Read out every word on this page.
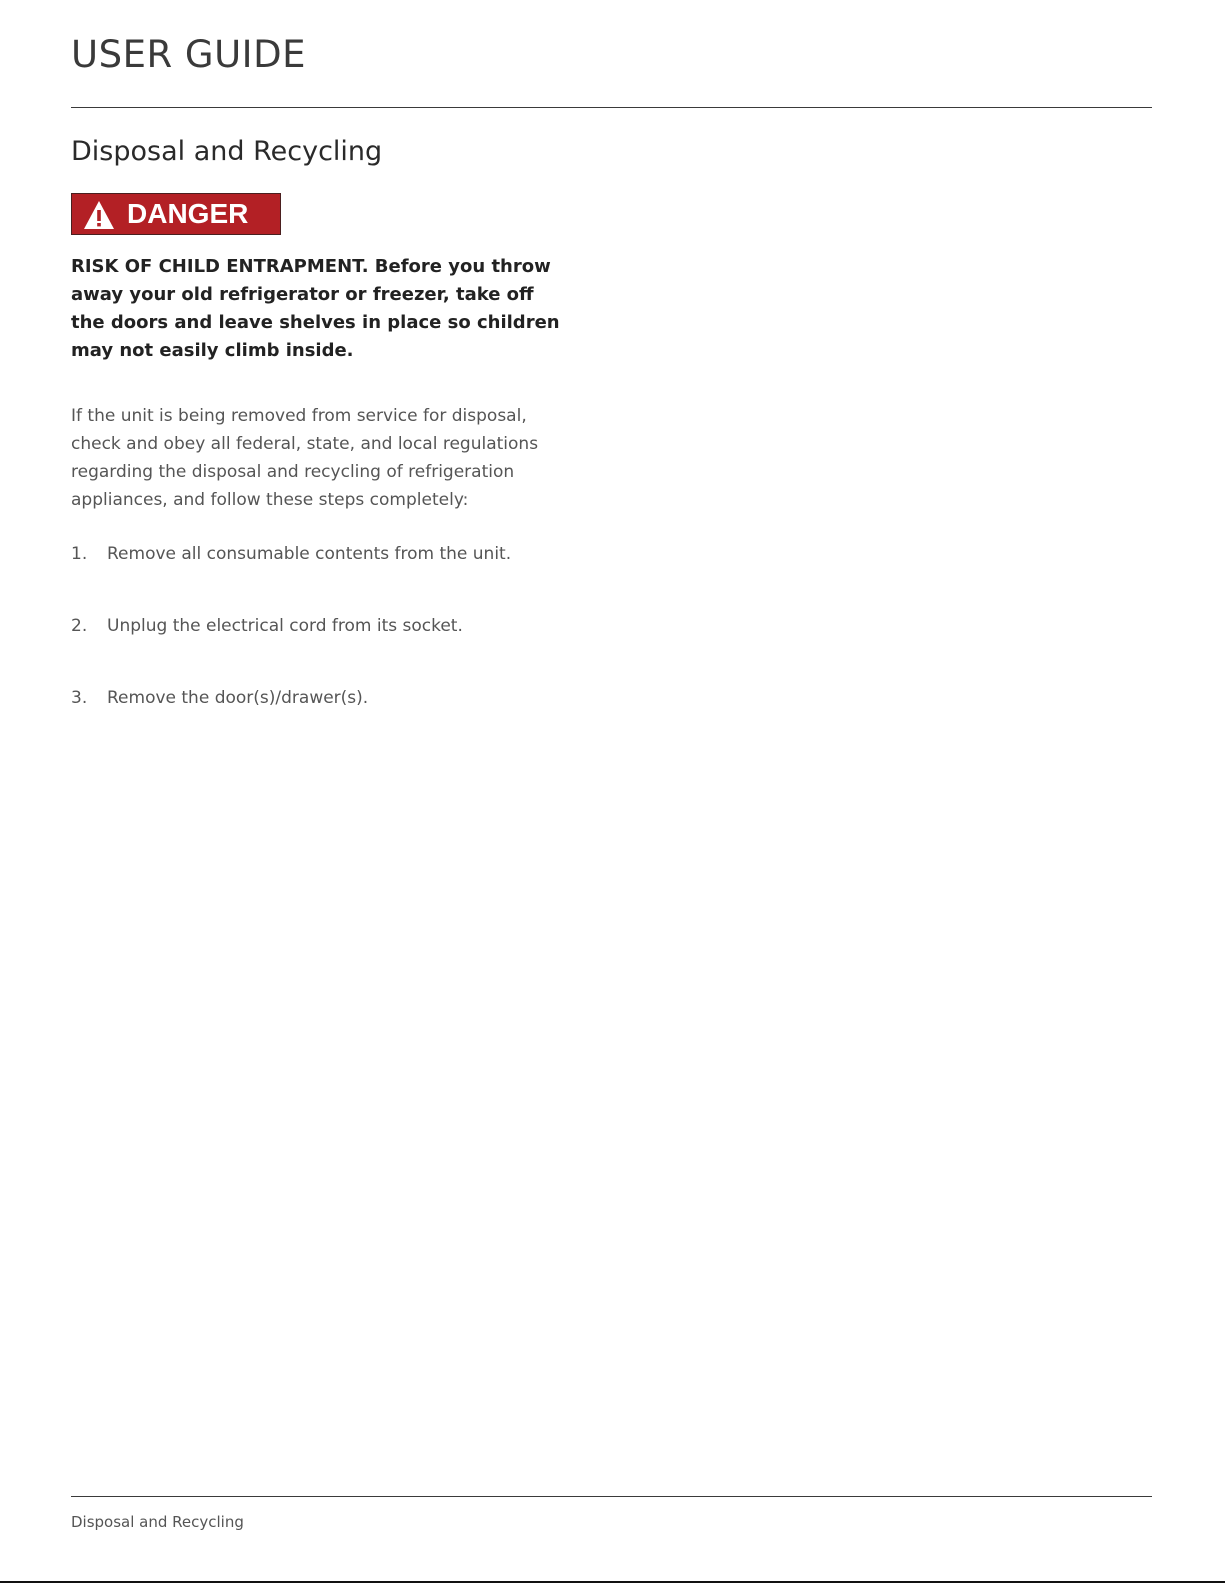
USER GUIDE
Disposal and Recycling
DANGER

RISK OF CHILD ENTRAPMENT. Before you throw away your old refrigerator or freezer, take off the doors and leave shelves in place so children may not easily climb inside.

If the unit is being removed from service for disposal, check and obey all federal, state, and local regulations regarding the disposal and recycling of refrigeration appliances, and follow these steps completely:

1. Remove all consumable contents from the unit.
2. Unplug the electrical cord from its socket.
3. Remove the door(s)/drawer(s).
Disposal and Recycling
